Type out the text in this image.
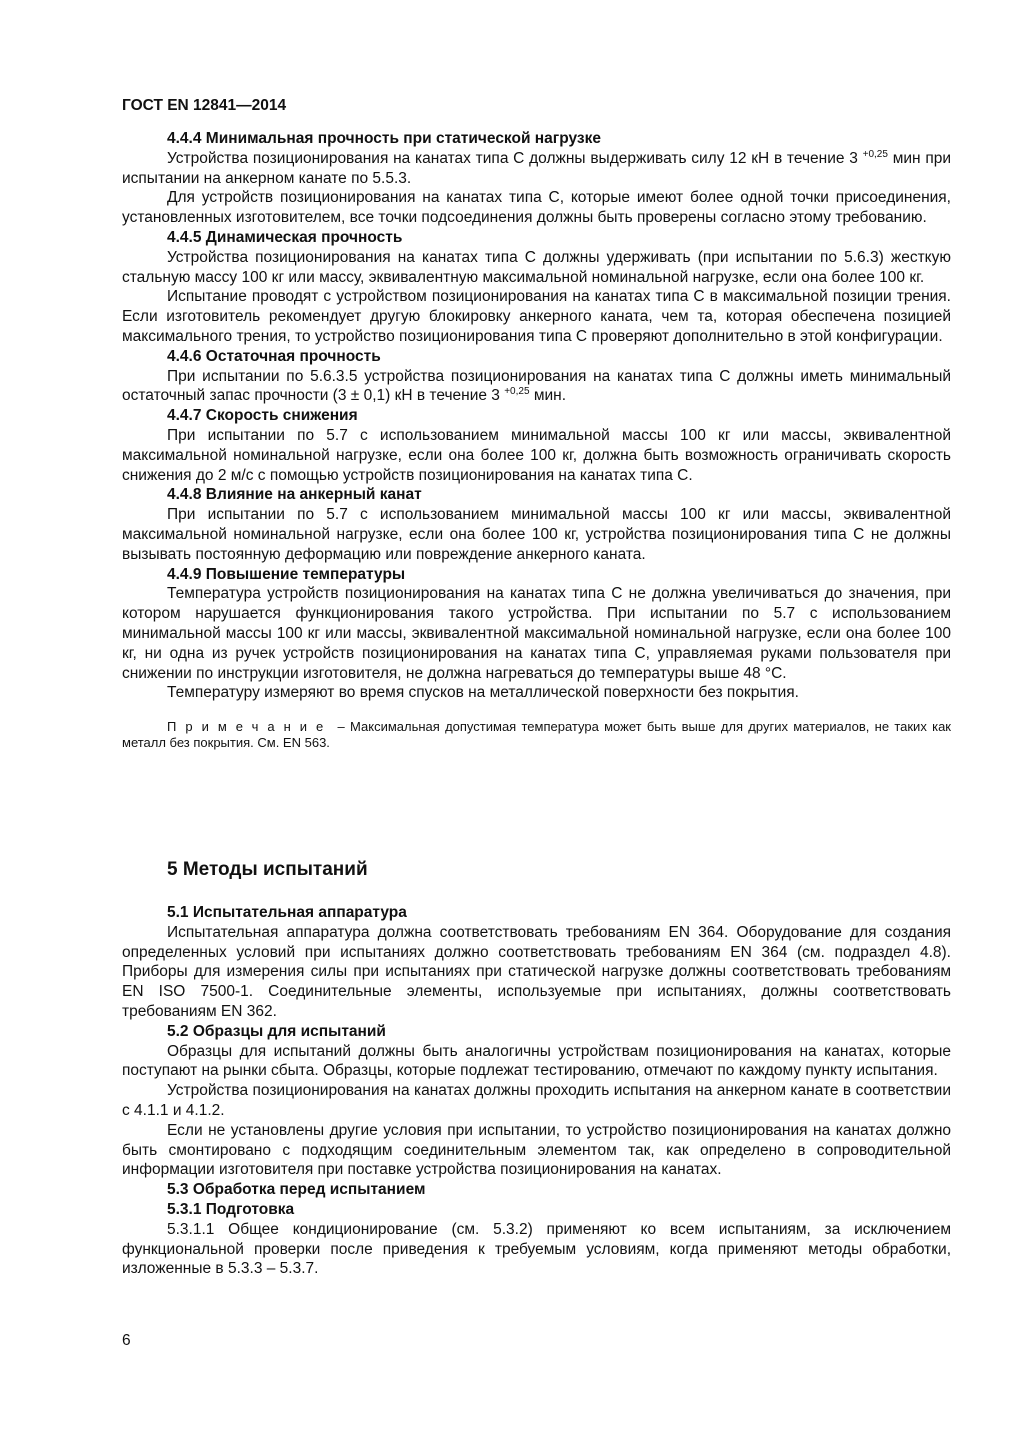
ГОСТ EN 12841—2014

4.4.4 Минимальная прочность при статической нагрузке

Устройства позиционирования на канатах типа С должны выдерживать силу 12 кН в течение 3 $^{+0,25}$ мин при испытании на анкерном канате по 5.5.3.

Для устройств позиционирования на канатах типа С, которые имеют более одной точки присоединения, установленных изготовителем, все точки подсоединения должны быть проверены согласно этому требованию.

4.4.5 Динамическая прочность

Устройства позиционирования на канатах типа С должны удерживать (при испытании по 5.6.3) жесткую стальную массу 100 кг или массу, эквивалентную максимальной номинальной нагрузке, если она более 100 кг.

Испытание проводят с устройством позиционирования на канатах типа С в максимальной позиции трения. Если изготовитель рекомендует другую блокировку анкерного каната, чем та, которая обеспечена позицией максимального трения, то устройство позиционирования типа С проверяют дополнительно в этой конфигурации.

4.4.6 Остаточная прочность

При испытании по 5.6.3.5 устройства позиционирования на канатах типа С должны иметь минимальный остаточный запас прочности (3 ± 0,1) кН в течение 3 $^{+0,25}$ мин.

4.4.7 Скорость снижения

При испытании по 5.7 с использованием минимальной массы 100 кг или массы, эквивалентной максимальной номинальной нагрузке, если она более 100 кг, должна быть возможность ограничивать скорость снижения до 2 м/с с помощью устройств позиционирования на канатах типа С.

4.4.8 Влияние на анкерный канат

При испытании по 5.7 с использованием минимальной массы 100 кг или массы, эквивалентной максимальной номинальной нагрузке, если она более 100 кг, устройства позиционирования типа С не должны вызывать постоянную деформацию или повреждение анкерного каната.

4.4.9 Повышение температуры

Температура устройств позиционирования на канатах типа С не должна увеличиваться до значения, при котором нарушается функционирования такого устройства. При испытании по 5.7 с использованием минимальной массы 100 кг или массы, эквивалентной максимальной номинальной нагрузке, если она более 100 кг, ни одна из ручек устройств позиционирования на канатах типа С, управляемая руками пользователя при снижении по инструкции изготовителя, не должна нагреваться до температуры выше 48 °С.

Температуру измеряют во время спусков на металлической поверхности без покрытия.

Примечание – Максимальная допустимая температура может быть выше для других материалов, не таких как металл без покрытия. См. EN 563.

5 Методы испытаний

5.1 Испытательная аппаратура

Испытательная аппаратура должна соответствовать требованиям EN 364. Оборудование для создания определенных условий при испытаниях должно соответствовать требованиям EN 364 (см. подраздел 4.8). Приборы для измерения силы при испытаниях при статической нагрузке должны соответствовать требованиям EN ISO 7500-1. Соединительные элементы, используемые при испытаниях, должны соответствовать требованиям EN 362.

5.2 Образцы для испытаний

Образцы для испытаний должны быть аналогичны устройствам позиционирования на канатах, которые поступают на рынки сбыта. Образцы, которые подлежат тестированию, отмечают по каждому пункту испытания.

Устройства позиционирования на канатах должны проходить испытания на анкерном канате в соответствии с 4.1.1 и 4.1.2.

Если не установлены другие условия при испытании, то устройство позиционирования на канатах должно быть смонтировано с подходящим соединительным элементом так, как определено в сопроводительной информации изготовителя при поставке устройства позиционирования на канатах.

5.3 Обработка перед испытанием

5.3.1 Подготовка

5.3.1.1 Общее кондиционирование (см. 5.3.2) применяют ко всем испытаниям, за исключением функциональной проверки после приведения к требуемым условиям, когда применяют методы обработки, изложенные в 5.3.3 – 5.3.7.

6
